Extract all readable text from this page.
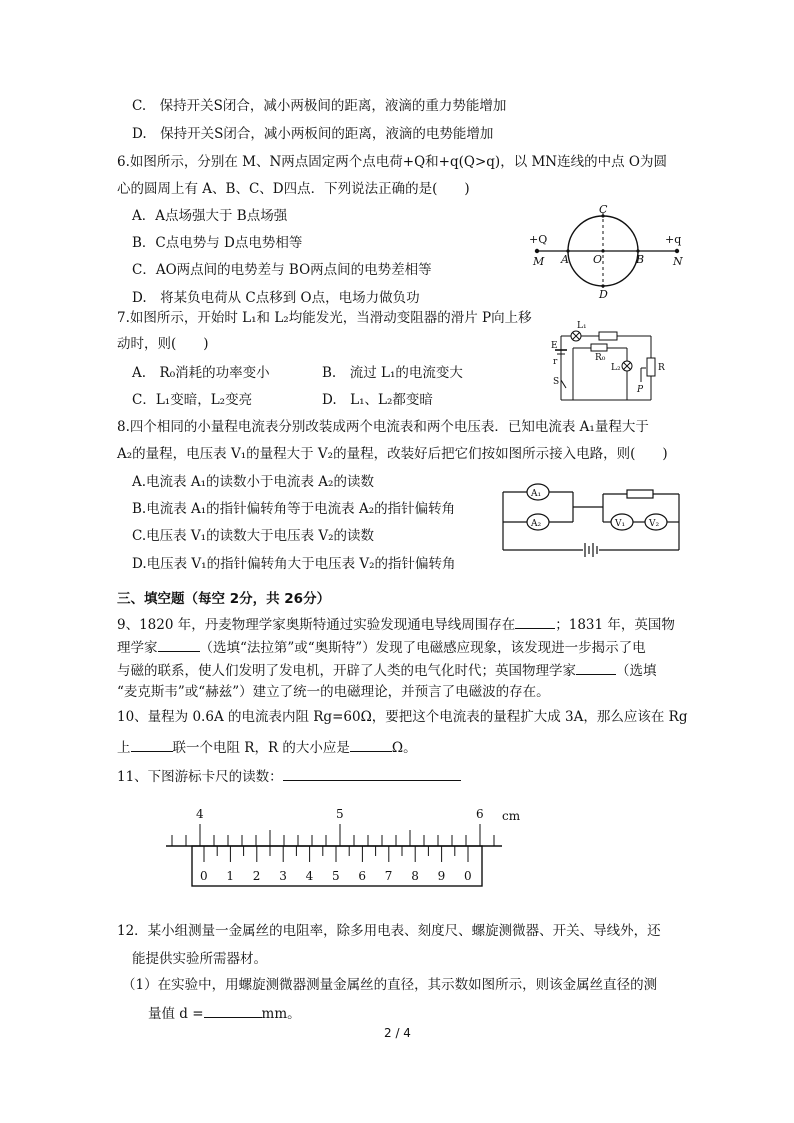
C.　保持开关S闭合，减小两极间的距离，液滴的重力势能增加
D.　保持开关S闭合，减小两板间的距离，液滴的电势能增加
6.如图所示，分别在 M、N两点固定两个点电荷+Q和+q(Q>q)，以 MN连线的中点 O为圆
心的圆周上有 A、B、C、D四点．下列说法正确的是(　　)
A．A点场强大于 B点场强
B．C点电势与 D点电势相等
C．AO两点间的电势差与 BO两点间的电势差相等
D.　将某负电荷从 C点移到 O点，电场力做负功
+Q	+q
M A O	B	N
C
D
7.如图所示，开始时 L₁和 L₂均能发光，当滑动变阻器的滑片 P向上移
动时，则(　　)
A.　R₀消耗的功率变小	B.　流过 L₁的电流变大
C．L₁变暗，L₂变亮	D.　L₁、L₂都变暗
L₁
R₀
E
r
S
L₂	R
P
8.四个相同的小量程电流表分别改装成两个电流表和两个电压表．已知电流表 A₁量程大于
A₂的量程，电压表 V₁的量程大于 V₂的量程，改装好后把它们按如图所示接入电路，则(　　)
A.电流表 A₁的读数小于电流表 A₂的读数
B.电流表 A₁的指针偏转角等于电流表 A₂的指针偏转角
C.电压表 V₁的读数大于电压表 V₂的读数
D.电压表 V₁的指针偏转角大于电压表 V₂的指针偏转角
A₁
A₂	V₁	V₂
三、填空题（每空 2分，共 26分）
9、1820 年，丹麦物理学家奥斯特通过实验发现通电导线周围存在	；1831 年，英国物
理学家	（选填“法拉第”或“奥斯特”）发现了电磁感应现象，该发现进一步揭示了电
与磁的联系，使人们发明了发电机，开辟了人类的电气化时代；英国物理学家	（选填
“麦克斯韦”或“赫兹”）建立了统一的电磁理论，并预言了电磁波的存在。
10、量程为 0.6A 的电流表内阻 Rg=60Ω，要把这个电流表的量程扩大成 3A，那么应该在 Rg
上	联一个电阻 R，R 的大小应是	Ω。
11、下图游标卡尺的读数：
4	5	6
0 1 2 3 4 5 6 7 8 9 0
cm
12．某小组测量一金属丝的电阻率，除多用电表、刻度尺、螺旋测微器、开关、导线外，还
能提供实验所需器材。
（1）在实验中，用螺旋测微器测量金属丝的直径，其示数如图所示，则该金属丝直径的测
量值 d =	mm。
2 / 4
